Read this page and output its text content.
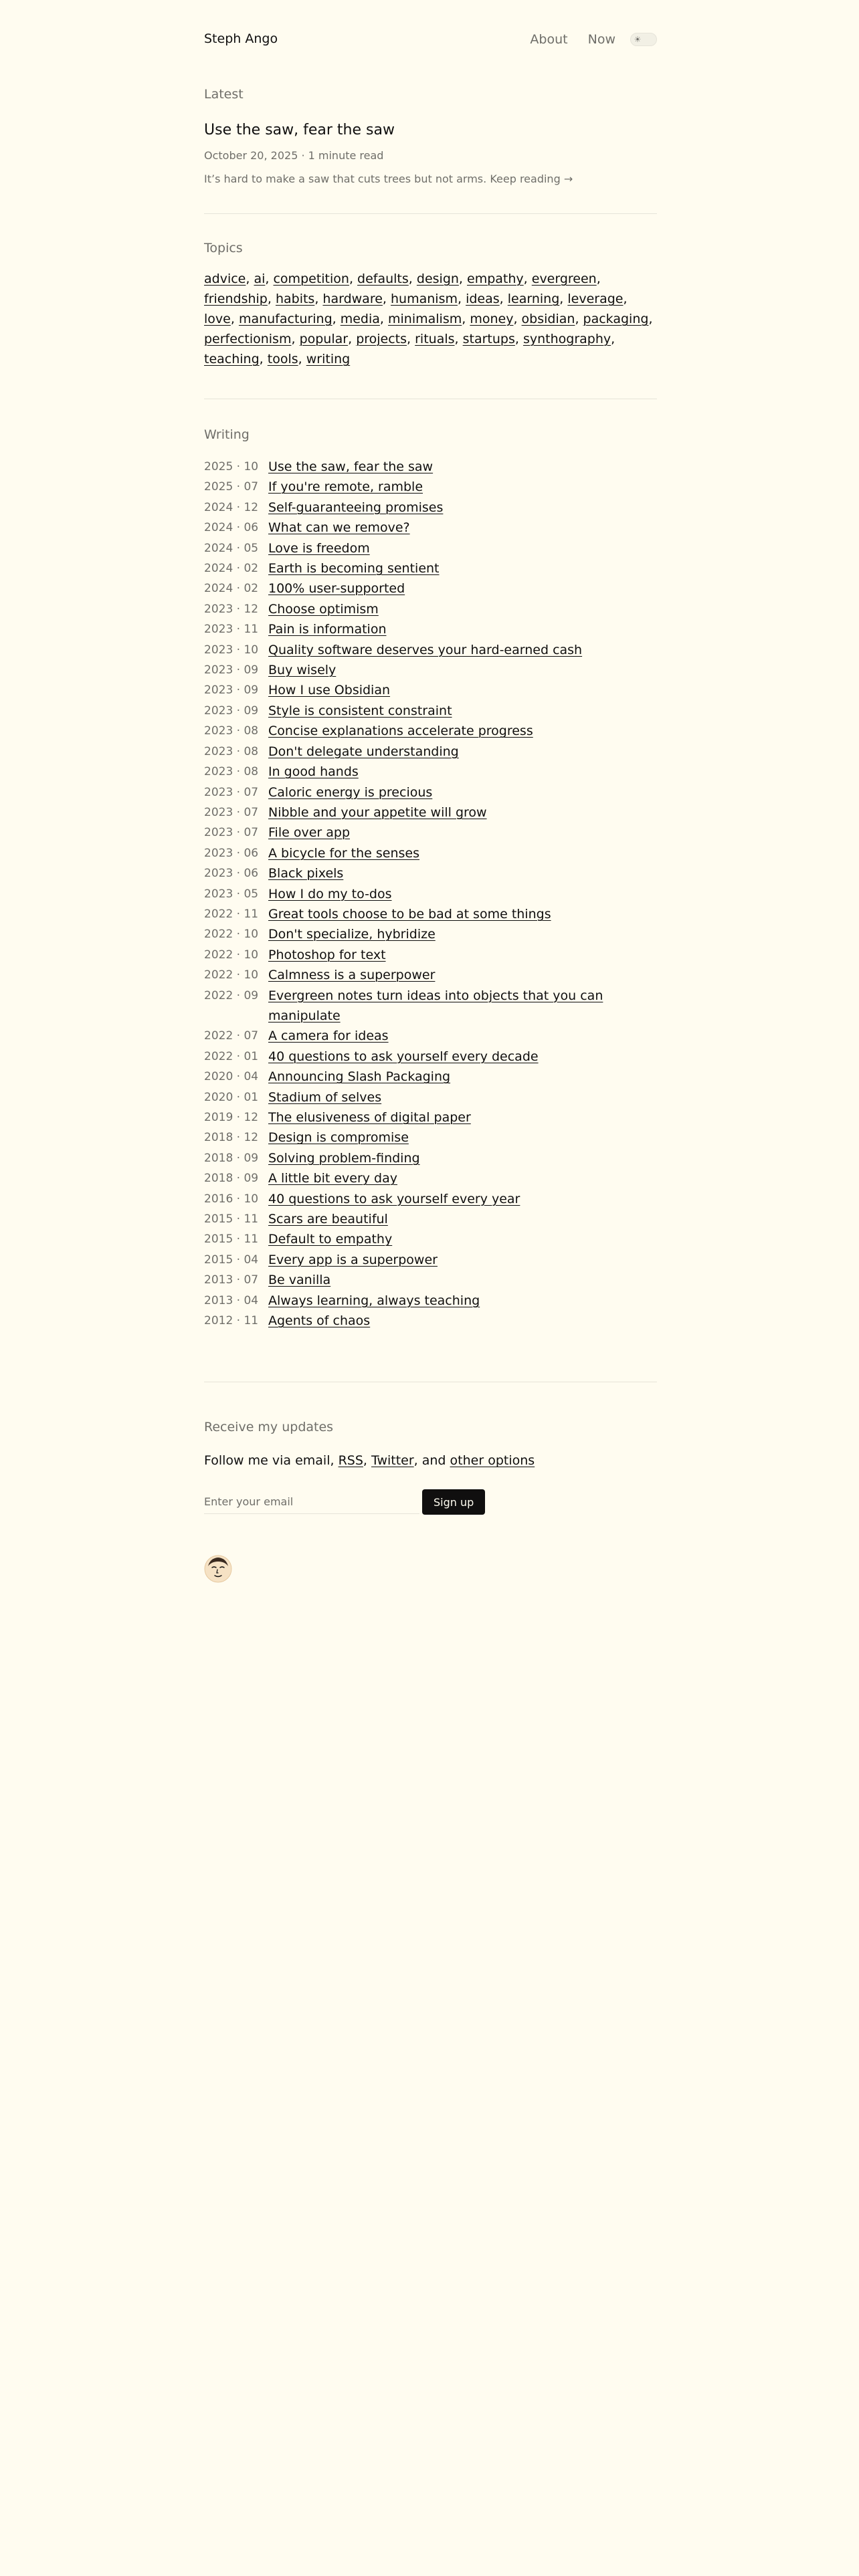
Steph Ango	About Now ☀
Latest
Use the saw, fear the saw
October 20, 2025 · 1 minute read
It’s hard to make a saw that cuts trees but not arms. Keep reading →
Topics
advice, ai, competition, defaults, design, empathy, evergreen, friendship, habits, hardware, humanism, ideas, learning, leverage, love, manufacturing, media, minimalism, money, obsidian, packaging, perfectionism, popular, projects, rituals, startups, synthography, teaching, tools, writing
Writing
2025 · 10 Use the saw, fear the saw
2025 · 07 If you're remote, ramble
2024 · 12 Self-guaranteeing promises
2024 · 06 What can we remove?
2024 · 05 Love is freedom
2024 · 02 Earth is becoming sentient
2024 · 02 100% user-supported
2023 · 12 Choose optimism
2023 · 11 Pain is information
2023 · 10 Quality software deserves your hard-earned cash
2023 · 09 Buy wisely
2023 · 09 How I use Obsidian
2023 · 09 Style is consistent constraint
2023 · 08 Concise explanations accelerate progress
2023 · 08 Don't delegate understanding
2023 · 08 In good hands
2023 · 07 Caloric energy is precious
2023 · 07 Nibble and your appetite will grow
2023 · 07 File over app
2023 · 06 A bicycle for the senses
2023 · 06 Black pixels
2023 · 05 How I do my to-dos
2022 · 11 Great tools choose to be bad at some things
2022 · 10 Don't specialize, hybridize
2022 · 10 Photoshop for text
2022 · 10 Calmness is a superpower
2022 · 09 Evergreen notes turn ideas into objects that you can manipulate
2022 · 07 A camera for ideas
2022 · 01 40 questions to ask yourself every decade
2020 · 04 Announcing Slash Packaging
2020 · 01 Stadium of selves
2019 · 12 The elusiveness of digital paper
2018 · 12 Design is compromise
2018 · 09 Solving problem-finding
2018 · 09 A little bit every day
2016 · 10 40 questions to ask yourself every year
2015 · 11 Scars are beautiful
2015 · 11 Default to empathy
2015 · 04 Every app is a superpower
2013 · 07 Be vanilla
2013 · 04 Always learning, always teaching
2012 · 11 Agents of chaos
Receive my updates

Follow me via email, RSS, Twitter, and other options

Enter your email
Sign up
